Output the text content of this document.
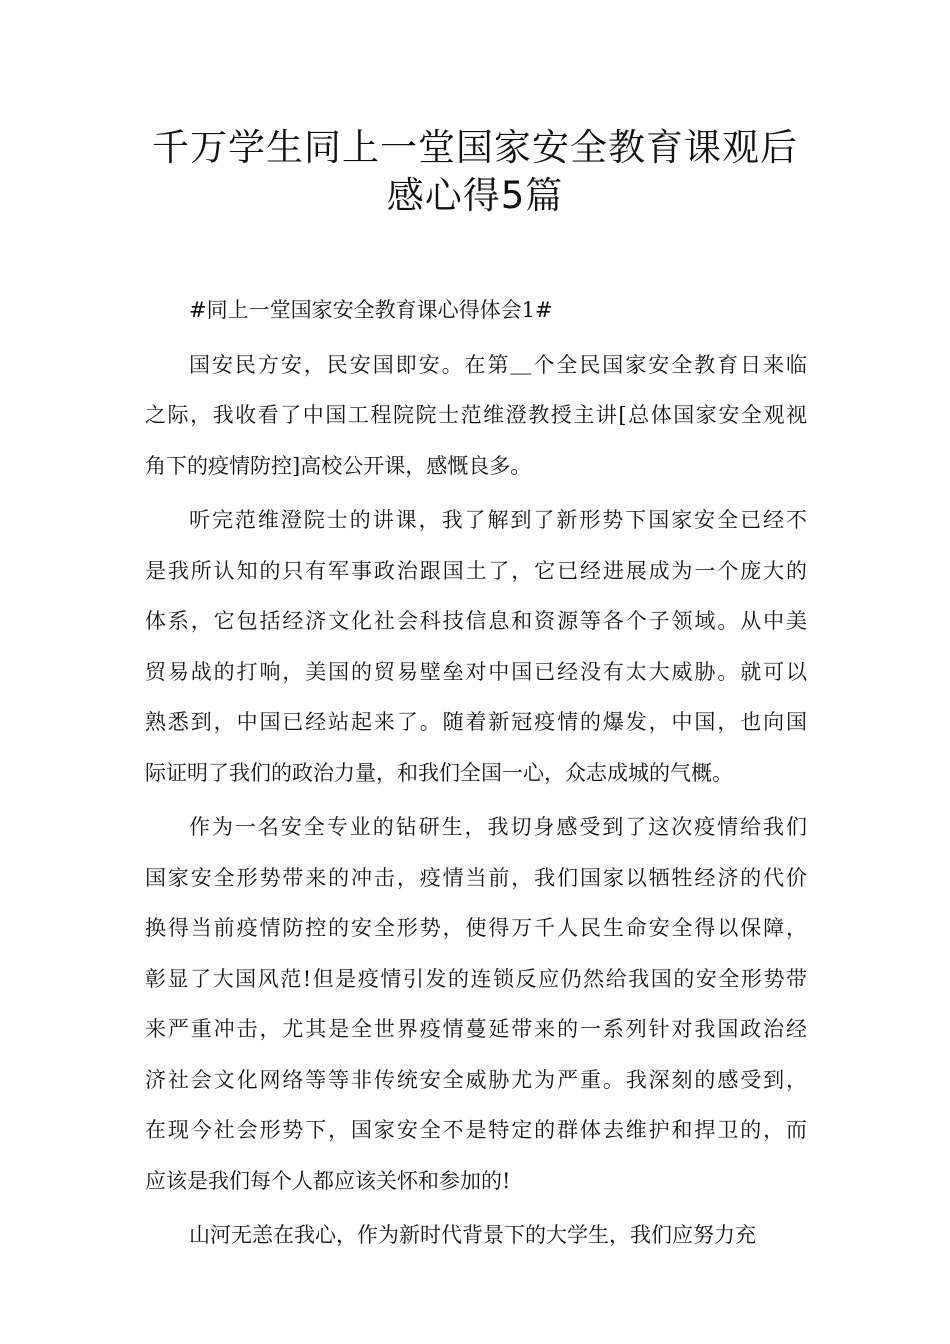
千万学生同上一堂国家安全教育课观后
感心得5篇

#同上一堂国家安全教育课心得体会1#

国安民方安，民安国即安。在第＿个全民国家安全教育日来临
之际，我收看了中国工程院院士范维澄教授主讲[总体国家安全观视
角下的疫情防控]高校公开课，感慨良多。

听完范维澄院士的讲课，我了解到了新形势下国家安全已经不
是我所认知的只有军事政治跟国土了，它已经进展成为一个庞大的
体系，它包括经济文化社会科技信息和资源等各个子领域。从中美
贸易战的打响，美国的贸易壁垒对中国已经没有太大威胁。就可以
熟悉到，中国已经站起来了。随着新冠疫情的爆发，中国，也向国
际证明了我们的政治力量，和我们全国一心，众志成城的气概。

作为一名安全专业的钻研生，我切身感受到了这次疫情给我们
国家安全形势带来的冲击，疫情当前，我们国家以牺牲经济的代价
换得当前疫情防控的安全形势，使得万千人民生命安全得以保障，
彰显了大国风范!但是疫情引发的连锁反应仍然给我国的安全形势带
来严重冲击，尤其是全世界疫情蔓延带来的一系列针对我国政治经
济社会文化网络等等非传统安全威胁尤为严重。我深刻的感受到，
在现今社会形势下，国家安全不是特定的群体去维护和捍卫的，而
应该是我们每个人都应该关怀和参加的!

山河无恙在我心，作为新时代背景下的大学生，我们应努力充
